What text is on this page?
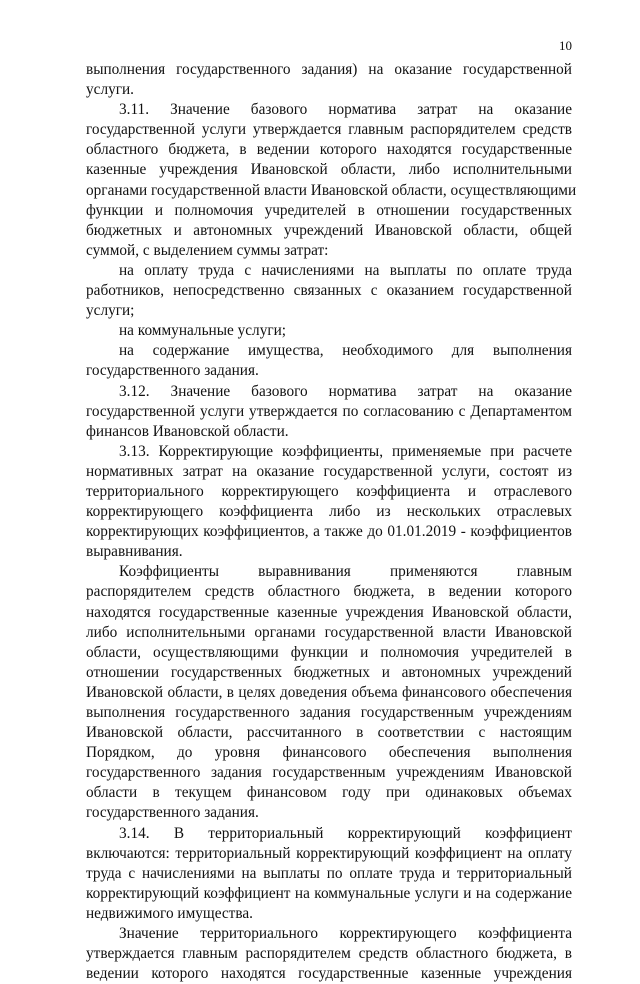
10
выполнения государственного задания) на оказание государственной
услуги.
3.11. Значение базового норматива затрат на оказание
государственной услуги утверждается главным распорядителем средств
областного бюджета, в ведении которого находятся государственные
казенные учреждения Ивановской области, либо исполнительными
органами государственной власти Ивановской области, осуществляющими
функции и полномочия учредителей в отношении государственных
бюджетных и автономных учреждений Ивановской области, общей
суммой, с выделением суммы затрат:
на оплату труда с начислениями на выплаты по оплате труда
работников, непосредственно связанных с оказанием государственной
услуги;
на коммунальные услуги;
на содержание имущества, необходимого для выполнения
государственного задания.
3.12. Значение базового норматива затрат на оказание
государственной услуги утверждается по согласованию с Департаментом
финансов Ивановской области.
3.13. Корректирующие коэффициенты, применяемые при расчете
нормативных затрат на оказание государственной услуги, состоят из
территориального корректирующего коэффициента и отраслевого
корректирующего коэффициента либо из нескольких отраслевых
корректирующих коэффициентов, а также до 01.01.2019 - коэффициентов
выравнивания.
Коэффициенты выравнивания применяются главным
распорядителем средств областного бюджета, в ведении которого
находятся государственные казенные учреждения Ивановской области,
либо исполнительными органами государственной власти Ивановской
области, осуществляющими функции и полномочия учредителей в
отношении государственных бюджетных и автономных учреждений
Ивановской области, в целях доведения объема финансового обеспечения
выполнения государственного задания государственным учреждениям
Ивановской области, рассчитанного в соответствии с настоящим
Порядком, до уровня финансового обеспечения выполнения
государственного задания государственным учреждениям Ивановской
области в текущем финансовом году при одинаковых объемах
государственного задания.
3.14. В территориальный корректирующий коэффициент
включаются: территориальный корректирующий коэффициент на оплату
труда с начислениями на выплаты по оплате труда и территориальный
корректирующий коэффициент на коммунальные услуги и на содержание
недвижимого имущества.
Значение территориального корректирующего коэффициента
утверждается главным распорядителем средств областного бюджета, в
ведении которого находятся государственные казенные учреждения
